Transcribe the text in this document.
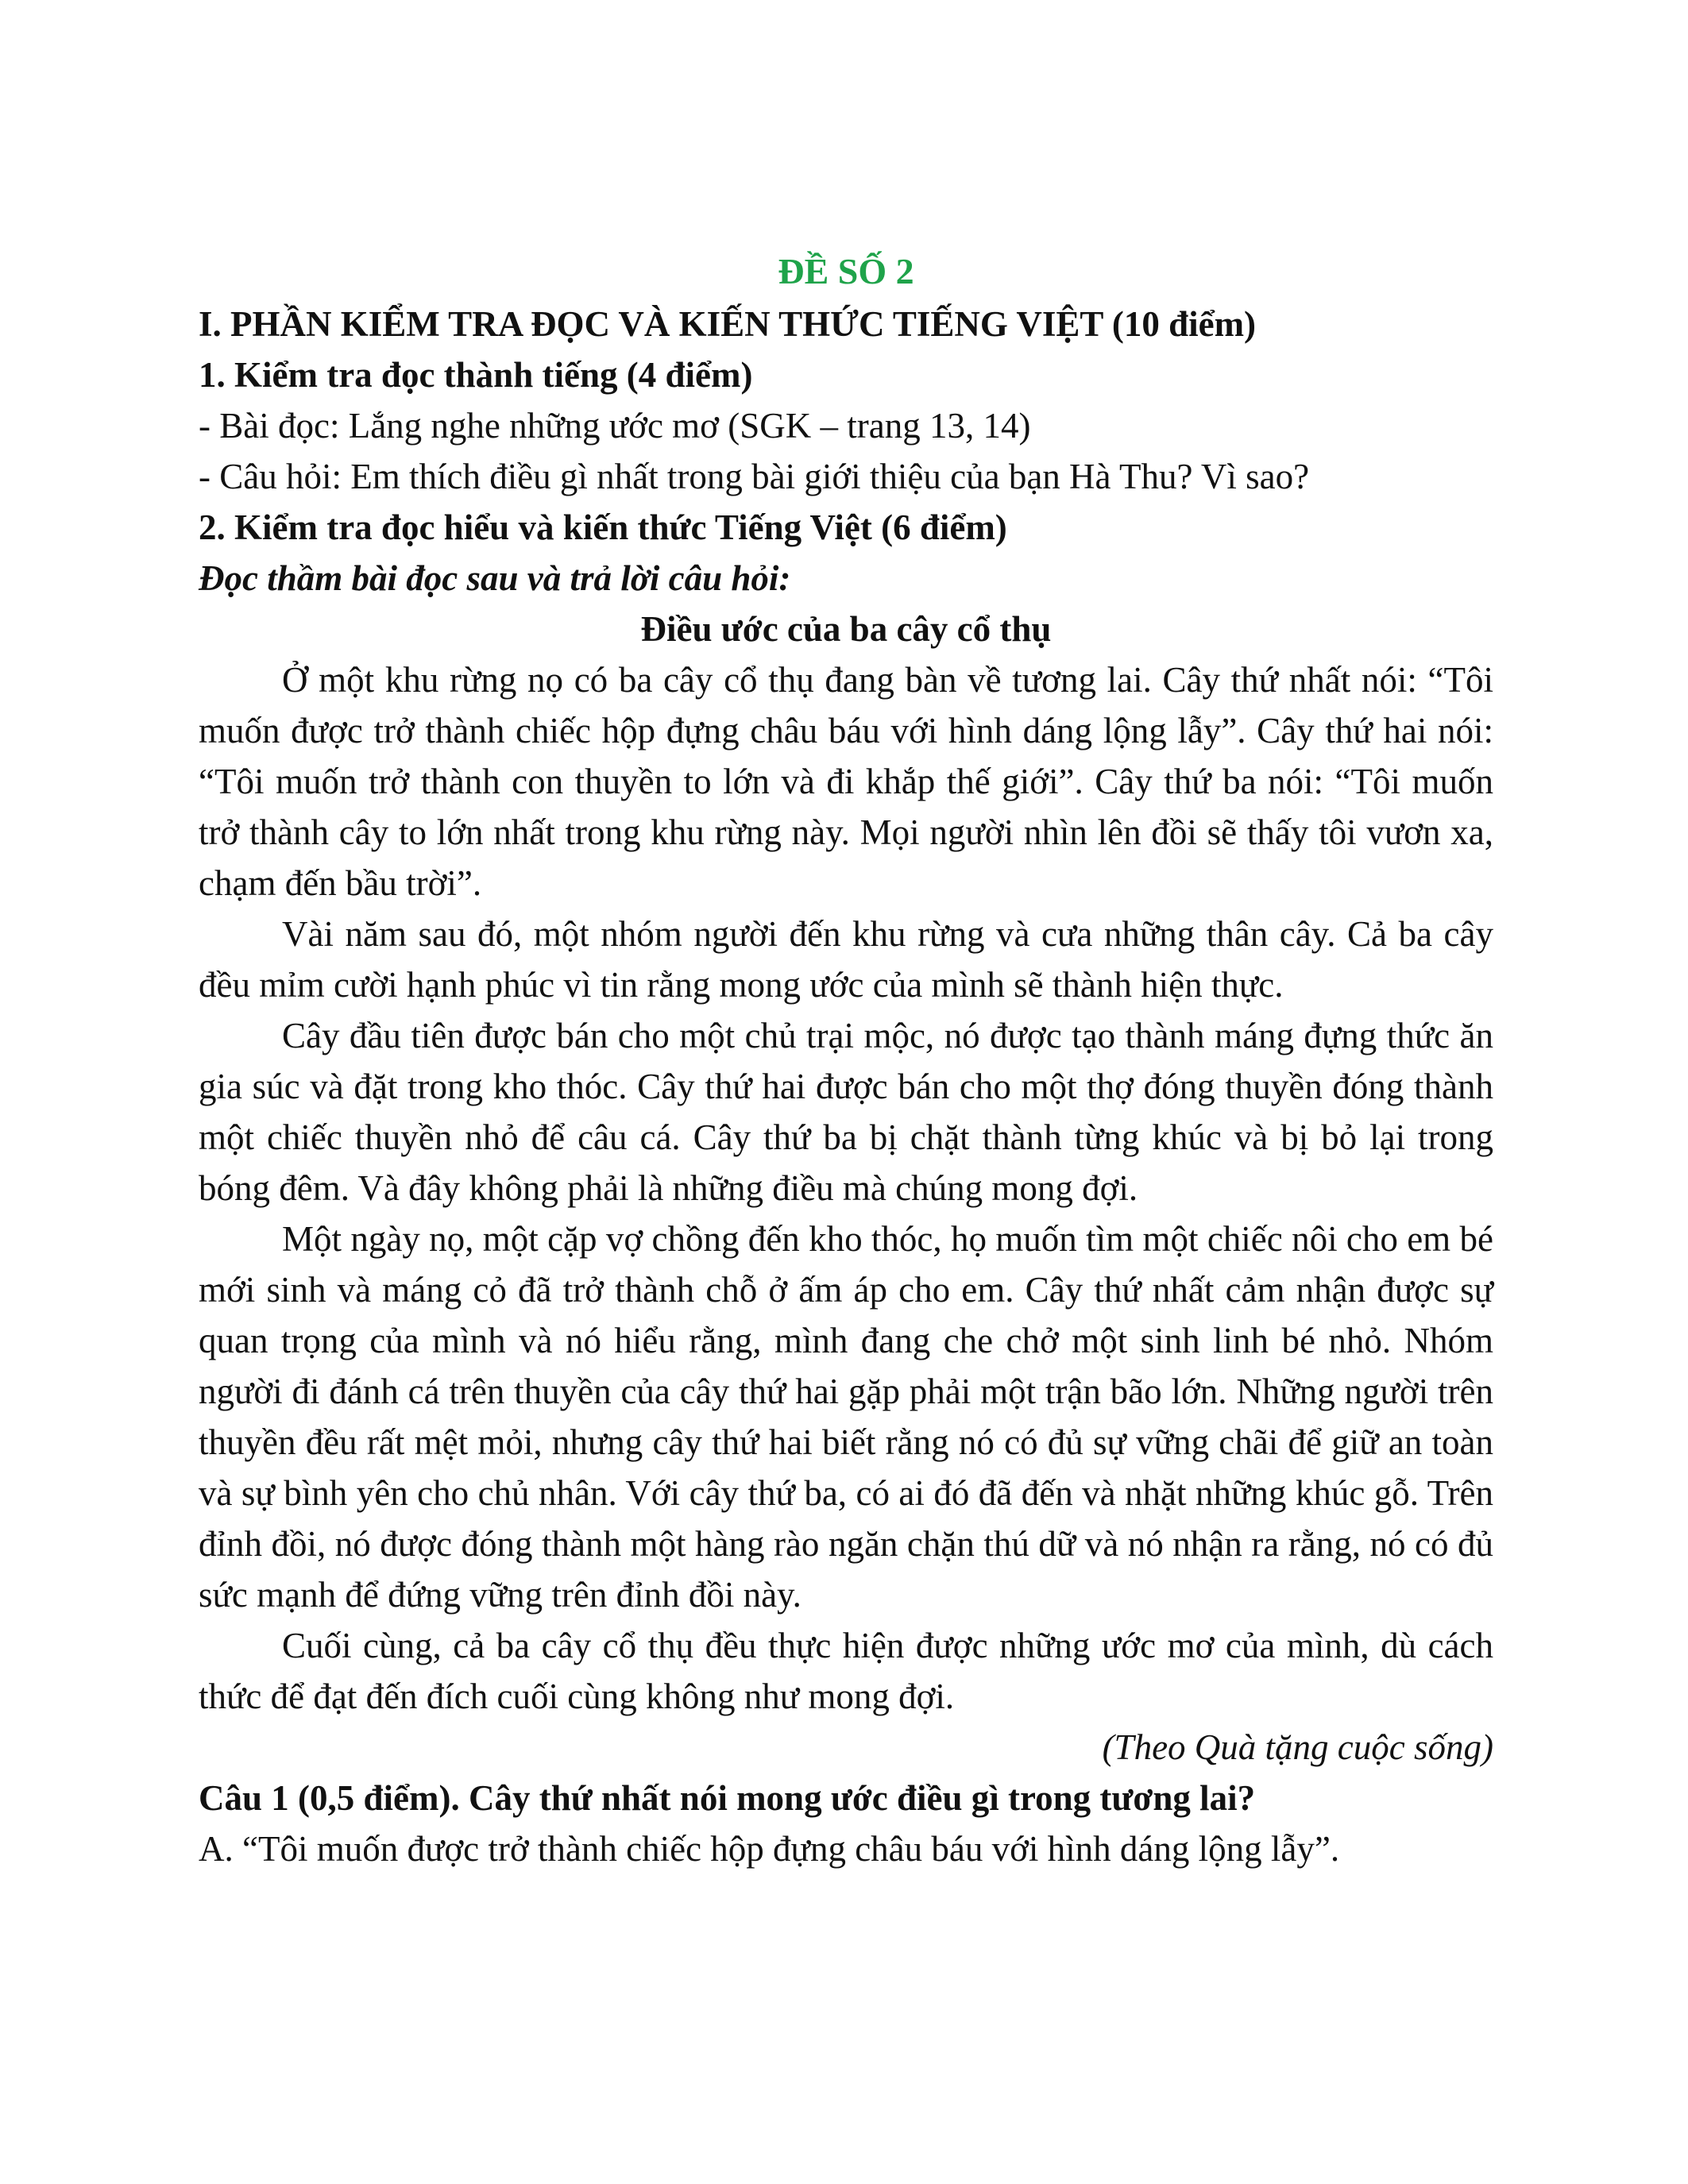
ĐỀ SỐ 2
I. PHẦN KIỂM TRA ĐỌC VÀ KIẾN THỨC TIẾNG VIỆT (10 điểm)
1. Kiểm tra đọc thành tiếng (4 điểm)
- Bài đọc: Lắng nghe những ước mơ (SGK – trang 13, 14)
- Câu hỏi: Em thích điều gì nhất trong bài giới thiệu của bạn Hà Thu? Vì sao?
2. Kiểm tra đọc hiểu và kiến thức Tiếng Việt (6 điểm)
Đọc thầm bài đọc sau và trả lời câu hỏi:
Điều ước của ba cây cổ thụ

Ở một khu rừng nọ có ba cây cổ thụ đang bàn về tương lai. Cây thứ nhất nói: “Tôi muốn được trở thành chiếc hộp đựng châu báu với hình dáng lộng lẫy”. Cây thứ hai nói: “Tôi muốn trở thành con thuyền to lớn và đi khắp thế giới”. Cây thứ ba nói: “Tôi muốn trở thành cây to lớn nhất trong khu rừng này. Mọi người nhìn lên đồi sẽ thấy tôi vươn xa, chạm đến bầu trời”.

Vài năm sau đó, một nhóm người đến khu rừng và cưa những thân cây. Cả ba cây đều mỉm cười hạnh phúc vì tin rằng mong ước của mình sẽ thành hiện thực.

Cây đầu tiên được bán cho một chủ trại mộc, nó được tạo thành máng đựng thức ăn gia súc và đặt trong kho thóc. Cây thứ hai được bán cho một thợ đóng thuyền đóng thành một chiếc thuyền nhỏ để câu cá. Cây thứ ba bị chặt thành từng khúc và bị bỏ lại trong bóng đêm. Và đây không phải là những điều mà chúng mong đợi.

Một ngày nọ, một cặp vợ chồng đến kho thóc, họ muốn tìm một chiếc nôi cho em bé mới sinh và máng cỏ đã trở thành chỗ ở ấm áp cho em. Cây thứ nhất cảm nhận được sự quan trọng của mình và nó hiểu rằng, mình đang che chở một sinh linh bé nhỏ. Nhóm người đi đánh cá trên thuyền của cây thứ hai gặp phải một trận bão lớn. Những người trên thuyền đều rất mệt mỏi, nhưng cây thứ hai biết rằng nó có đủ sự vững chãi để giữ an toàn và sự bình yên cho chủ nhân. Với cây thứ ba, có ai đó đã đến và nhặt những khúc gỗ. Trên đỉnh đồi, nó được đóng thành một hàng rào ngăn chặn thú dữ và nó nhận ra rằng, nó có đủ sức mạnh để đứng vững trên đỉnh đồi này.

Cuối cùng, cả ba cây cổ thụ đều thực hiện được những ước mơ của mình, dù cách thức để đạt đến đích cuối cùng không như mong đợi.

(Theo Quà tặng cuộc sống)
Câu 1 (0,5 điểm). Cây thứ nhất nói mong ước điều gì trong tương lai?
A. “Tôi muốn được trở thành chiếc hộp đựng châu báu với hình dáng lộng lẫy”.
